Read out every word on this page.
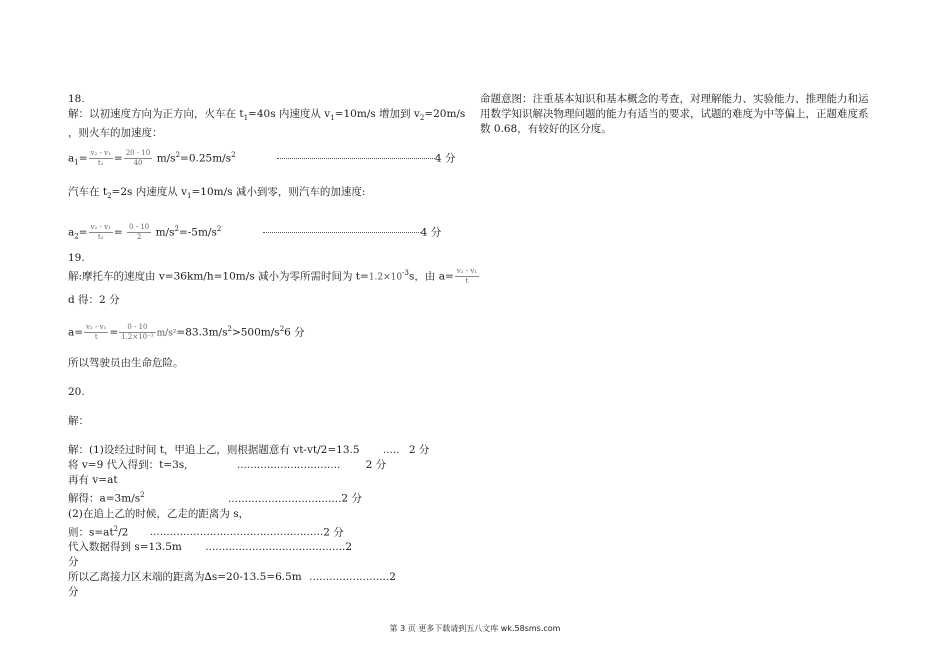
18.
解：以初速度方向为正方向，火车在 $t_1=40s$ 内速度从 $v_1=10m/s$ 增加到 $v_2=20m/s$
，则火车的加速度：
$a_1= \frac{\text{v₂ - v₁}}{\text{t₁}} = \frac{20 - 10}{40} m/s^2=0.25m/s^2$	4 分
汽车在 $t_2=2s$ 内速度从 $v_1=10m/s$ 减小到零，则汽车的加速度:
$a_2= \frac{\text{v₂ - v₁}}{\text{t₂}} = \frac{0 - 10}{2} m/s^2=-5m/s^2$	4 分
19.
解:摩托车的速度由 v=36km/h=10m/s 减小为零所需时间为 $t=1.2\times 10^{-3}s$，由 $a= \frac{\text{v₂ - v₁}}{t}$
d 得：2 分
$a= \frac{\text{v₂ - v₁}}{t} = \frac{0 - 10}{\text{1.2×10⁻³}} m/s^2=83.3m/s^2>500m/s^26$ 分
所以驾驶员由生命危险。
20.
解：
解：(1)设经过时间 t，甲追上乙，则根据题意有 vt-vt/2=13.5 ..... 2 分
将 v=9 代入得到：t=3s,	............................... 2 分
再有 v=at
解得：$a=3m/s^2$	..................................2 分
(2)在追上乙的时候，乙走的距离为 s，
则：$s=at^2/2$ ....................................................2 分
代入数据得到 s=13.5m ..........................................2
分
所以乙离接力区末端的距离为∆s=20-13.5=6.5m ........................2
分
命题意图：注重基本知识和基本概念的考查，对理解能力、实验能力、推理能力和运用数学知识解决物理问题的能力有适当的要求，试题的难度为中等偏上，正题难度系数 0.68，有较好的区分度。
第 3 页 更多下载请到五八文库 wk.58sms.com
